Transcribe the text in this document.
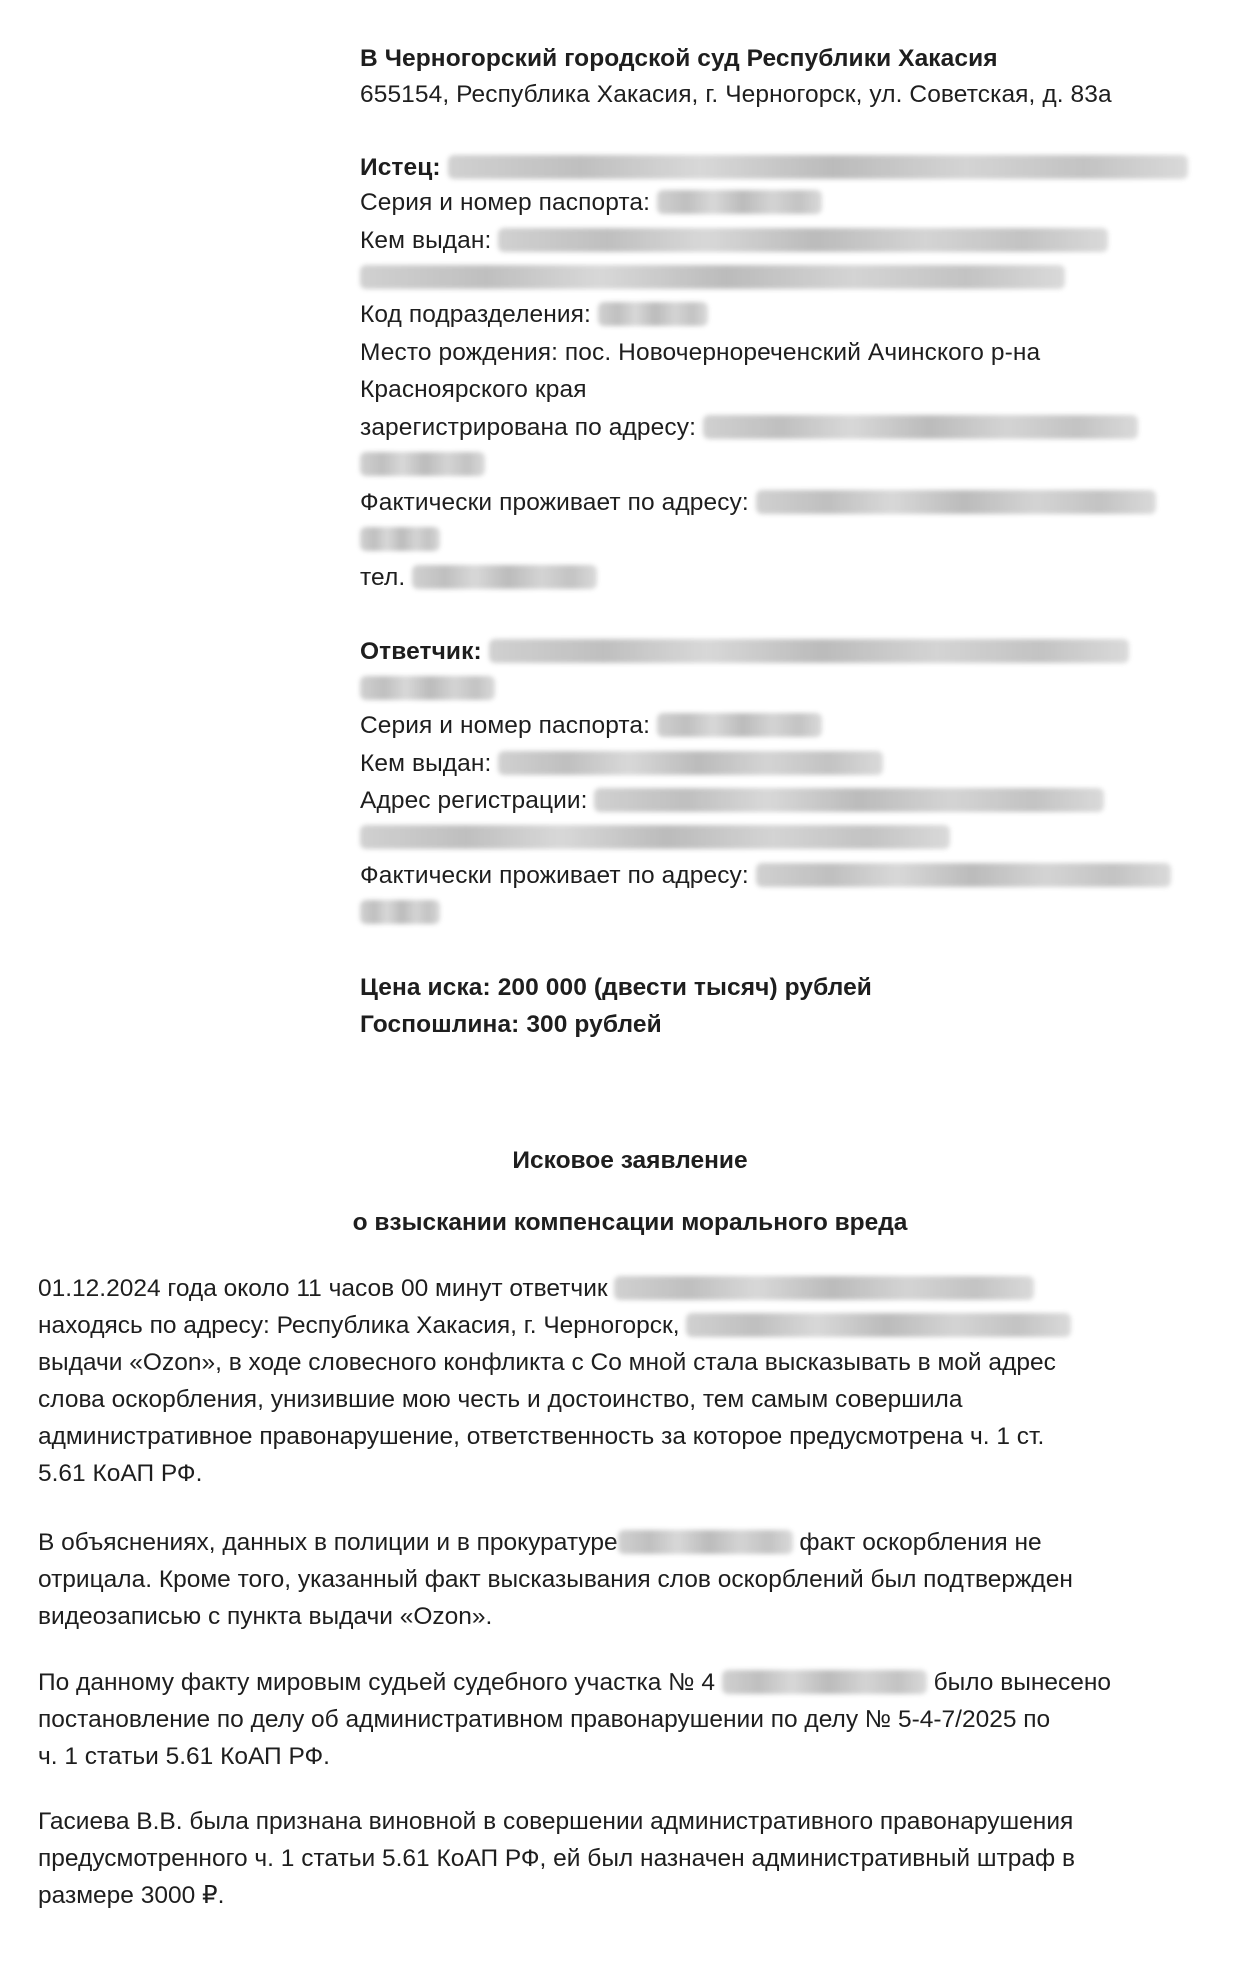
В Черногорский городской суд Республики Хакасия
655154, Республика Хакасия, г. Черногорск, ул. Советская, д. 83а
Истец:
Серия и номер паспорта:
Кем выдан:
Код подразделения:
Место рождения: пос. Новочернореченский Ачинского р-на
Красноярского края
зарегистрирована по адресу:
Фактически проживает по адресу:
тел.
Ответчик:
Серия и номер паспорта:
Кем выдан:
Адрес регистрации:
Фактически проживает по адресу:
Цена иска: 200 000 (двести тысяч) рублей
Госпошлина: 300 рублей
Исковое заявление
о взыскании компенсации морального вреда
01.12.2024 года около 11 часов 00 минут ответчик
находясь по адресу: Республика Хакасия, г. Черногорск,
выдачи «Ozon», в ходе словесного конфликта с Со мной стала высказывать в мой адрес
слова оскорбления, унизившие мою честь и достоинство, тем самым совершила
административное правонарушение, ответственность за которое предусмотрена ч. 1 ст.
5.61 КоАП РФ.
В объяснениях, данных в полиции и в прокуратуре	факт оскорбления не
отрицала. Кроме того, указанный факт высказывания слов оскорблений был подтвержден
видеозаписью с пункта выдачи «Ozon».
По данному факту мировым судьей судебного участка № 4	было вынесено
постановление по делу об административном правонарушении по делу № 5-4-7/2025 по
ч. 1 статьи 5.61 КоАП РФ.
Гасиева В.В. была признана виновной в совершении административного правонарушения
предусмотренного ч. 1 статьи 5.61 КоАП РФ, ей был назначен административный штраф в
размере 3000 ₽.
